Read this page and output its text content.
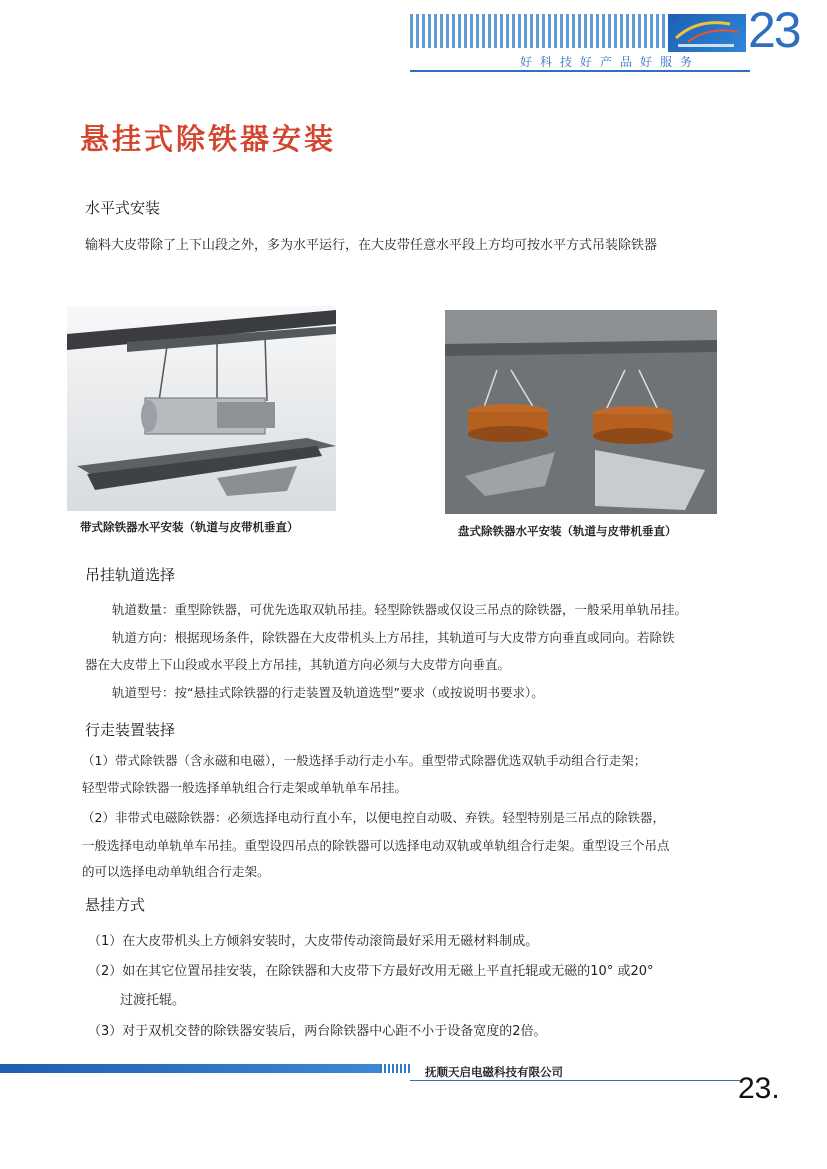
23
好科技好产品好服务
悬挂式除铁器安装
水平式安装
输料大皮带除了上下山段之外，多为水平运行，在大皮带任意水平段上方均可按水平方式吊装除铁器
带式除铁器水平安装（轨道与皮带机垂直）	盘式除铁器水平安装（轨道与皮带机垂直）
吊挂轨道选择
轨道数量：重型除铁器，可优先选取双轨吊挂。轻型除铁器或仅设三吊点的除铁器，一般采用单轨吊挂。
轨道方向：根据现场条件，除铁器在大皮带机头上方吊挂，其轨道可与大皮带方向垂直或同向。若除铁
器在大皮带上下山段或水平段上方吊挂，其轨道方向必须与大皮带方向垂直。
轨道型号：按“悬挂式除铁器的行走装置及轨道选型”要求（或按说明书要求）。
行走装置装择
（1）带式除铁器（含永磁和电磁），一般选择手动行走小车。重型带式除器优选双轨手动组合行走架；
轻型带式除铁器一般选择单轨组合行走架或单轨单车吊挂。
（2）非带式电磁除铁器：必须选择电动行直小车，以便电控自动吸、弃铁。轻型特别是三吊点的除铁器，
一般选择电动单轨单车吊挂。重型设四吊点的除铁器可以选择电动双轨或单轨组合行走架。重型设三个吊点
的可以选择电动单轨组合行走架。
悬挂方式
（1）在大皮带机头上方倾斜安装时，大皮带传动滚筒最好采用无磁材料制成。
（2）如在其它位置吊挂安装，在除铁器和大皮带下方最好改用无磁上平直托辊或无磁的10° 或20°
过渡托辊。
（3）对于双机交替的除铁器安装后，两台除铁器中心距不小于设备宽度的2倍。
抚顺天启电磁科技有限公司	23.
